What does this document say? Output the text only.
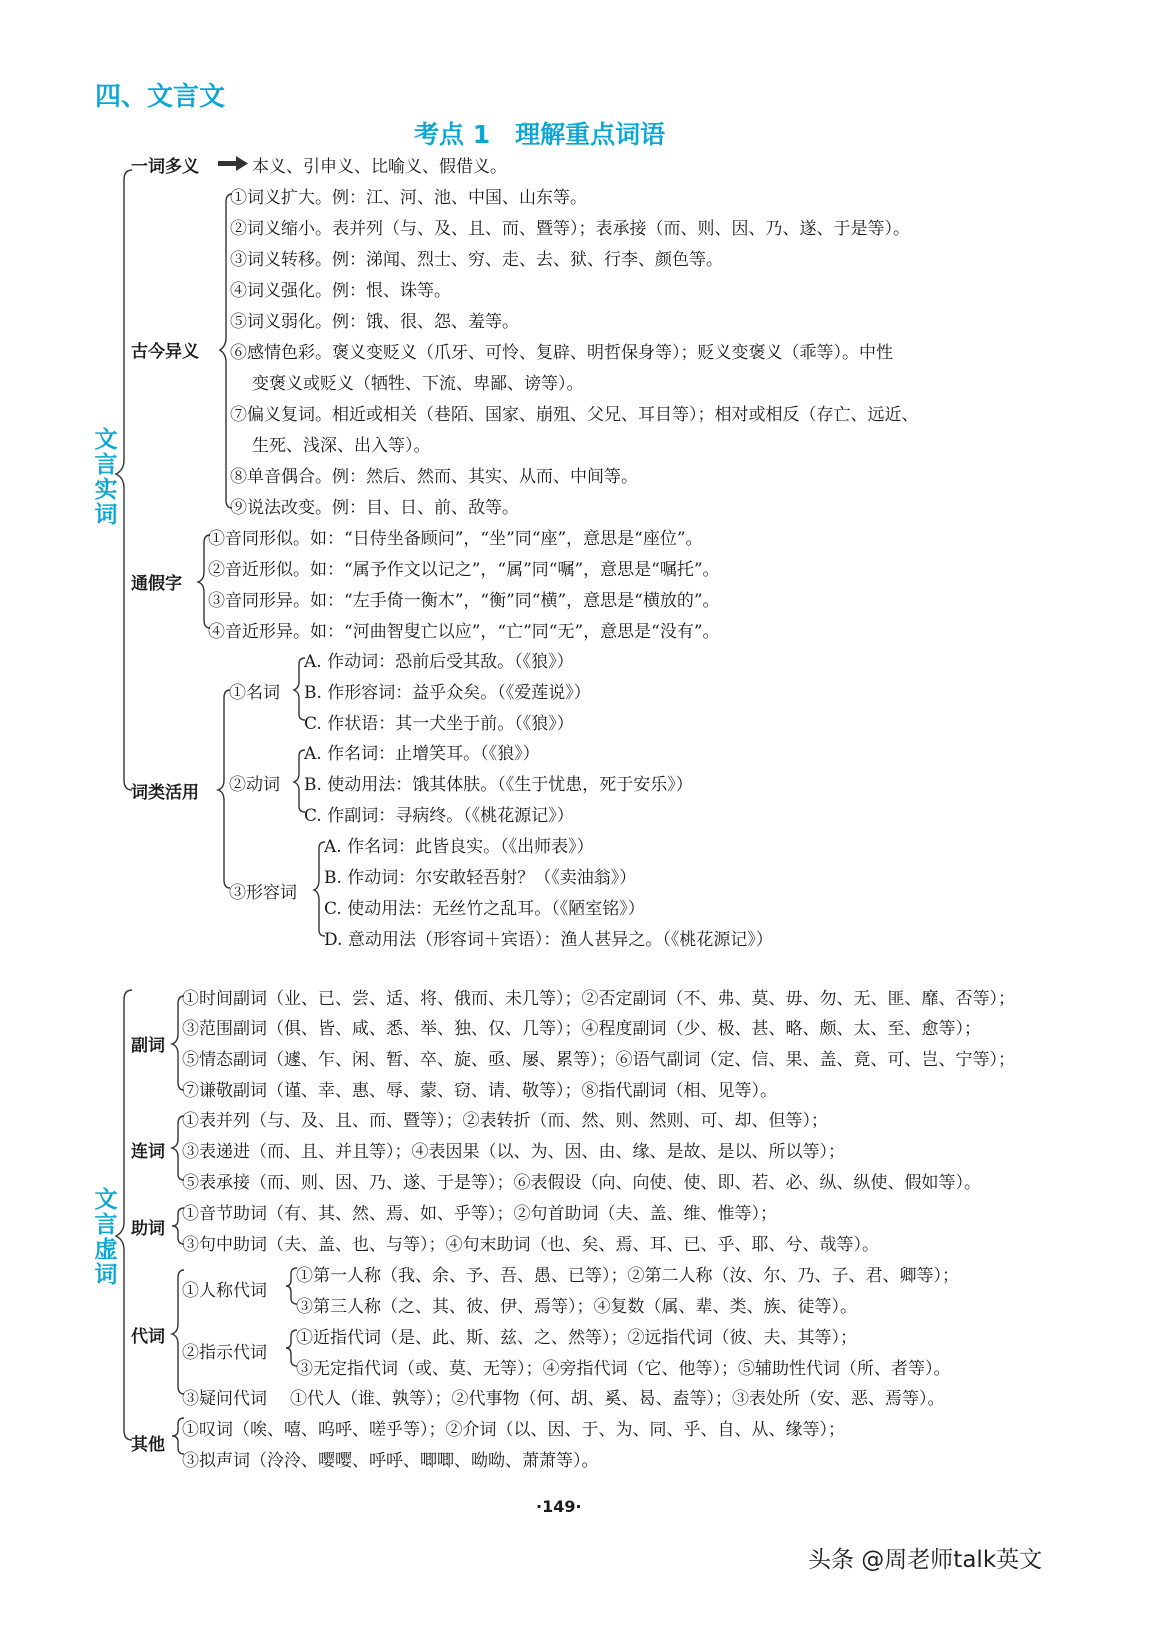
四、文言文
考点 1　理解重点词语
文言实词
文言虚词
一词多义	本义、引申义、比喻义、假借义。
古今异义
①词义扩大。例：江、河、池、中国、山东等。
②词义缩小。表并列（与、及、且、而、暨等）；表承接（而、则、因、乃、遂、于是等）。
③词义转移。例：涕闻、烈士、穷、走、去、狱、行李、颜色等。
④词义强化。例：恨、诛等。
⑤词义弱化。例：饿、很、怨、羞等。
⑥感情色彩。褒义变贬义（爪牙、可怜、复辟、明哲保身等）；贬义变褒义（乖等）。中性
变褒义或贬义（牺牲、下流、卑鄙、谤等）。
⑦偏义复词。相近或相关（巷陌、国家、崩殂、父兄、耳目等）；相对或相反（存亡、远近、
生死、浅深、出入等）。
⑧单音偶合。例：然后、然而、其实、从而、中间等。
⑨说法改变。例：目、日、前、敌等。
通假字
①音同形似。如：“日侍坐备顾问”，“坐”同“座”，意思是“座位”。
②音近形似。如：“属予作文以记之”，“属”同“嘱”，意思是“嘱托”。
③音同形异。如：“左手倚一衡木”，“衡”同“横”，意思是“横放的”。
④音近形异。如：“河曲智叟亡以应”，“亡”同“无”，意思是“没有”。
词类活用
①名词
A. 作动词：恐前后受其敌。（《狼》）
B. 作形容词：益乎众矣。（《爱莲说》）
C. 作状语：其一犬坐于前。（《狼》）
②动词
A. 作名词：止增笑耳。（《狼》）
B. 使动用法：饿其体肤。（《生于忧患，死于安乐》）
C. 作副词：寻病终。（《桃花源记》）
③形容词
A. 作名词：此皆良实。（《出师表》）
B. 作动词：尔安敢轻吾射？（《卖油翁》）
C. 使动用法：无丝竹之乱耳。（《陋室铭》）
D. 意动用法（形容词＋宾语）：渔人甚异之。（《桃花源记》）
副词
①时间副词（业、已、尝、适、将、俄而、未几等）；②否定副词（不、弗、莫、毋、勿、无、匪、靡、否等）；
③范围副词（俱、皆、咸、悉、举、独、仅、几等）；④程度副词（少、极、甚、略、颇、太、至、愈等）；
⑤情态副词（遽、乍、闲、暂、卒、旋、亟、屡、累等）；⑥语气副词（定、信、果、盖、竟、可、岂、宁等）；
⑦谦敬副词（谨、幸、惠、辱、蒙、窃、请、敬等）；⑧指代副词（相、见等）。
连词
①表并列（与、及、且、而、暨等）；②表转折（而、然、则、然则、可、却、但等）；
③表递进（而、且、并且等）；④表因果（以、为、因、由、缘、是故、是以、所以等）；
⑤表承接（而、则、因、乃、遂、于是等）；⑥表假设（向、向使、使、即、若、必、纵、纵使、假如等）。
助词
①音节助词（有、其、然、焉、如、乎等）；②句首助词（夫、盖、维、惟等）；
③句中助词（夫、盖、也、与等）；④句末助词（也、矣、焉、耳、已、乎、耶、兮、哉等）。
代词
①人称代词
①第一人称（我、余、予、吾、愚、已等）；②第二人称（汝、尔、乃、子、君、卿等）；
③第三人称（之、其、彼、伊、焉等）；④复数（属、辈、类、族、徒等）。
②指示代词
①近指代词（是、此、斯、兹、之、然等）；②远指代词（彼、夫、其等）；
③无定指代词（或、莫、无等）；④旁指代词（它、他等）；⑤辅助性代词（所、者等）。
③疑问代词 ①代人（谁、孰等）；②代事物（何、胡、奚、曷、盍等）；③表处所（安、恶、焉等）。
其他
①叹词（唉、嘻、呜呼、嗟乎等）；②介词（以、因、于、为、同、乎、自、从、缘等）；
③拟声词（泠泠、嘤嘤、呼呼、唧唧、呦呦、萧萧等）。
·149·
头条 @周老师talk英文
